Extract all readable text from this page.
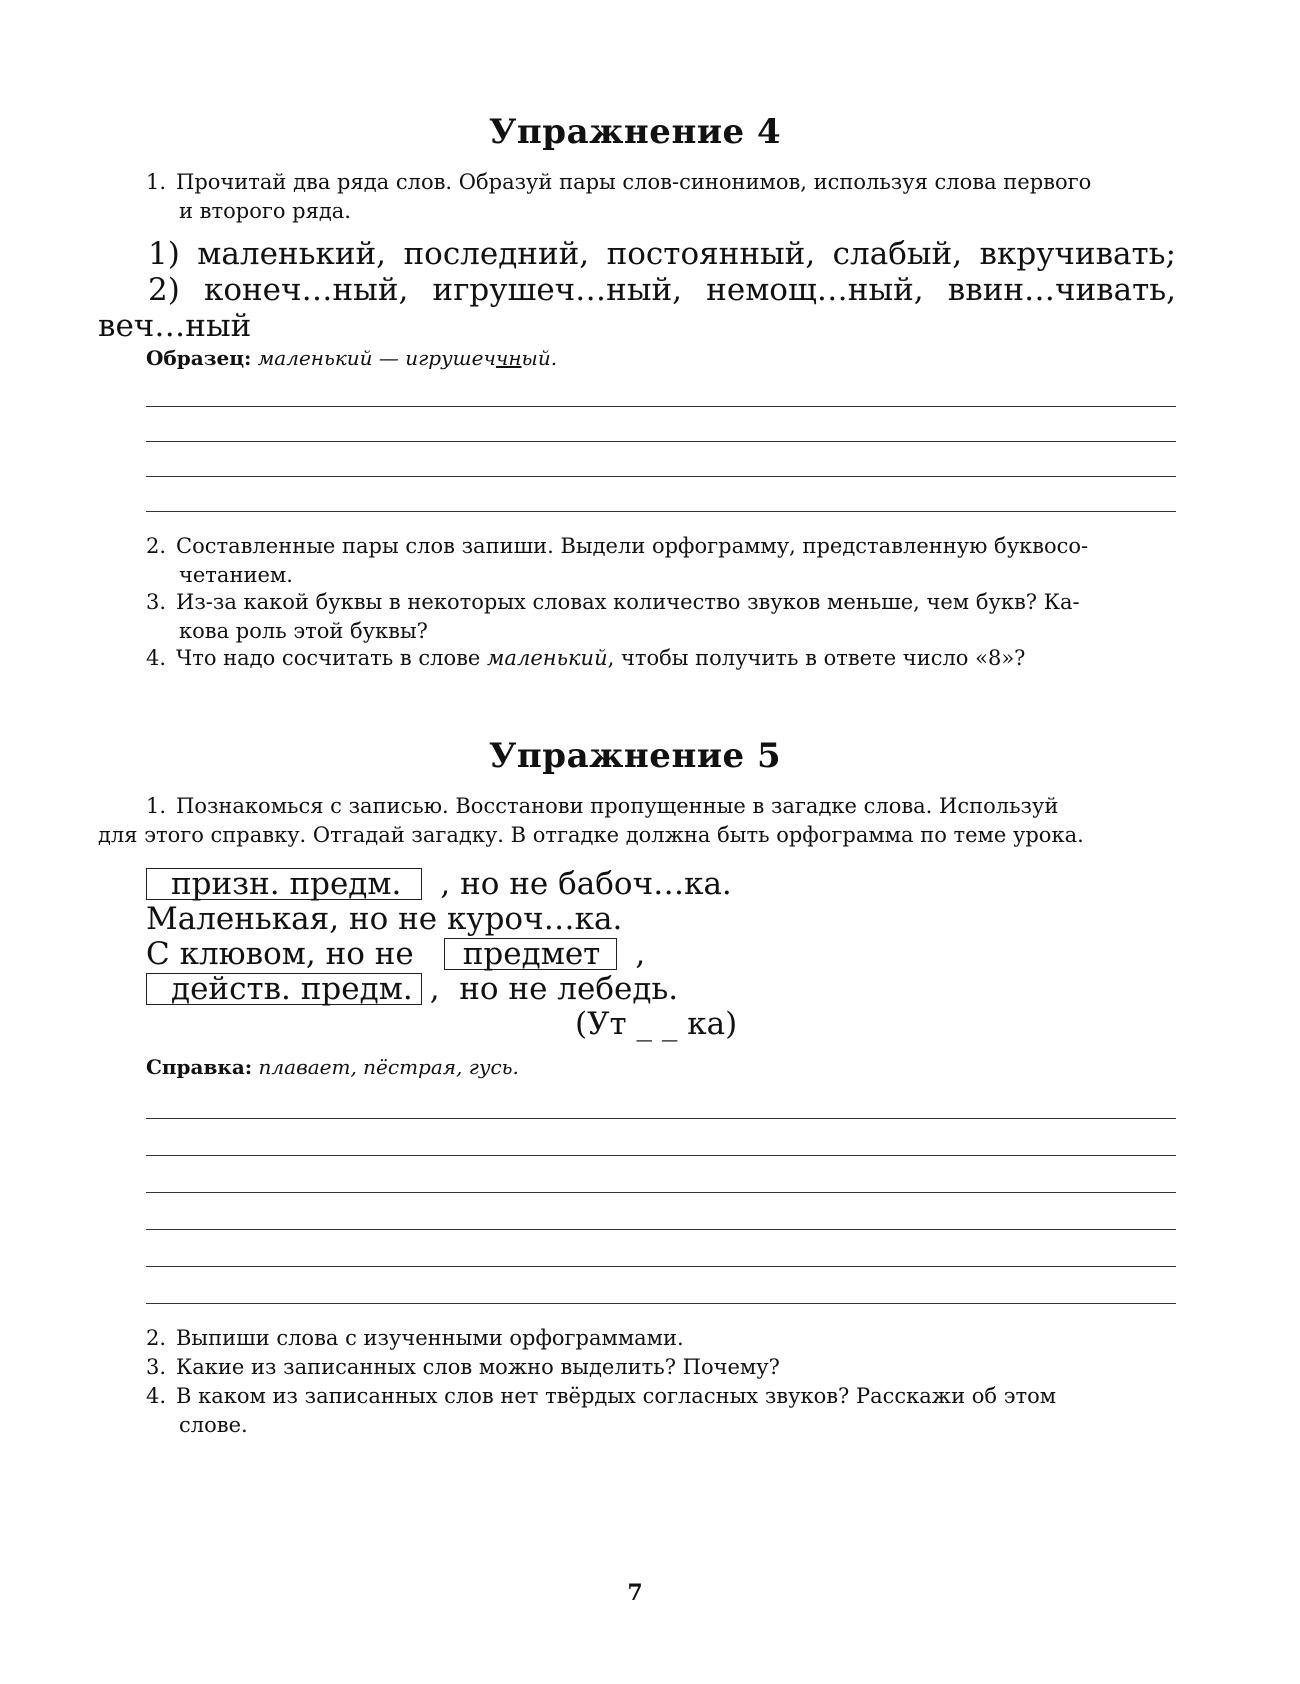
Упражнение 4
1. Прочитай два ряда слов. Образуй пары слов-синонимов, используя слова первого
и второго ряда.
1) маленький, последний, постоянный, слабый, вкручивать;
2) конеч…ный, игрушеч…ный, немощ…ный, ввин…чивать,
веч…ный
Образец: маленький — игрушеччный.
2. Составленные пары слов запиши. Выдели орфограмму, представленную буквосо-
четанием.
3. Из-за какой буквы в некоторых словах количество звуков меньше, чем букв? Ка-
кова роль этой буквы?
4. Что надо сосчитать в слове маленький, чтобы получить в ответе число «8»?
Упражнение 5
1. Познакомься с записью. Восстанови пропущенные в загадке слова. Используй
для этого справку. Отгадай загадку. В отгадке должна быть орфограмма по теме урока.
призн. предм. , но не бабоч…ка.
Маленькая, но не куроч…ка.
С клювом, но не предмет ,
действ. предм. ,  но не лебедь.
(Ут _ _ ка)
Справка: плавает, пёстрая, гусь.
2. Выпиши слова с изученными орфограммами.
3. Какие из записанных слов можно выделить? Почему?
4. В каком из записанных слов нет твёрдых согласных звуков? Расскажи об этом
слове.
7
